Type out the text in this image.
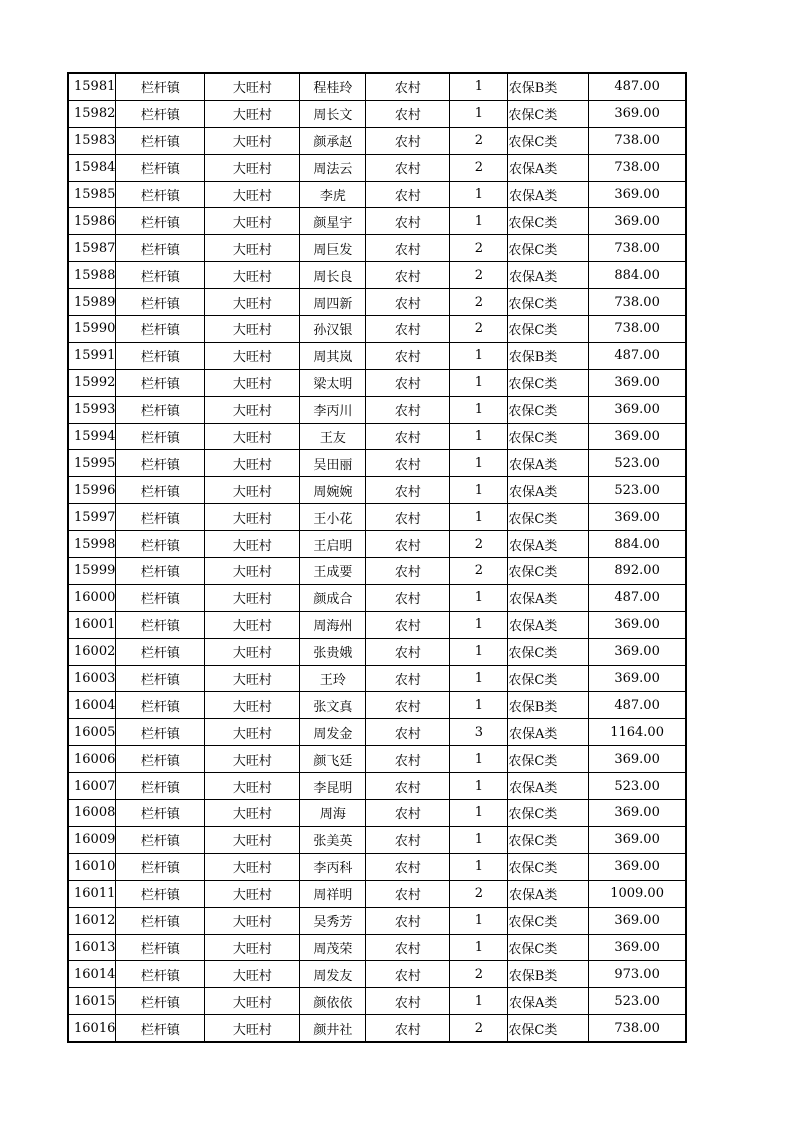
15981	栏杆镇	大旺村	程桂玲	农村	1	农保B类	487.00
15982	栏杆镇	大旺村	周长文	农村	1	农保C类	369.00
15983	栏杆镇	大旺村	颜承赵	农村	2	农保C类	738.00
15984	栏杆镇	大旺村	周法云	农村	2	农保A类	738.00
15985	栏杆镇	大旺村	李虎	农村	1	农保A类	369.00
15986	栏杆镇	大旺村	颜星宇	农村	1	农保C类	369.00
15987	栏杆镇	大旺村	周巨发	农村	2	农保C类	738.00
15988	栏杆镇	大旺村	周长良	农村	2	农保A类	884.00
15989	栏杆镇	大旺村	周四新	农村	2	农保C类	738.00
15990	栏杆镇	大旺村	孙汉银	农村	2	农保C类	738.00
15991	栏杆镇	大旺村	周其岚	农村	1	农保B类	487.00
15992	栏杆镇	大旺村	梁太明	农村	1	农保C类	369.00
15993	栏杆镇	大旺村	李丙川	农村	1	农保C类	369.00
15994	栏杆镇	大旺村	王友	农村	1	农保C类	369.00
15995	栏杆镇	大旺村	吴田丽	农村	1	农保A类	523.00
15996	栏杆镇	大旺村	周婉婉	农村	1	农保A类	523.00
15997	栏杆镇	大旺村	王小花	农村	1	农保C类	369.00
15998	栏杆镇	大旺村	王启明	农村	2	农保A类	884.00
15999	栏杆镇	大旺村	王成要	农村	2	农保C类	892.00
16000	栏杆镇	大旺村	颜成合	农村	1	农保A类	487.00
16001	栏杆镇	大旺村	周海州	农村	1	农保A类	369.00
16002	栏杆镇	大旺村	张贵娥	农村	1	农保C类	369.00
16003	栏杆镇	大旺村	王玲	农村	1	农保C类	369.00
16004	栏杆镇	大旺村	张文真	农村	1	农保B类	487.00
16005	栏杆镇	大旺村	周发金	农村	3	农保A类	1164.00
16006	栏杆镇	大旺村	颜飞廷	农村	1	农保C类	369.00
16007	栏杆镇	大旺村	李昆明	农村	1	农保A类	523.00
16008	栏杆镇	大旺村	周海	农村	1	农保C类	369.00
16009	栏杆镇	大旺村	张美英	农村	1	农保C类	369.00
16010	栏杆镇	大旺村	李丙科	农村	1	农保C类	369.00
16011	栏杆镇	大旺村	周祥明	农村	2	农保A类	1009.00
16012	栏杆镇	大旺村	吴秀芳	农村	1	农保C类	369.00
16013	栏杆镇	大旺村	周茂荣	农村	1	农保C类	369.00
16014	栏杆镇	大旺村	周发友	农村	2	农保B类	973.00
16015	栏杆镇	大旺村	颜依依	农村	1	农保A类	523.00
16016	栏杆镇	大旺村	颜井社	农村	2	农保C类	738.00
